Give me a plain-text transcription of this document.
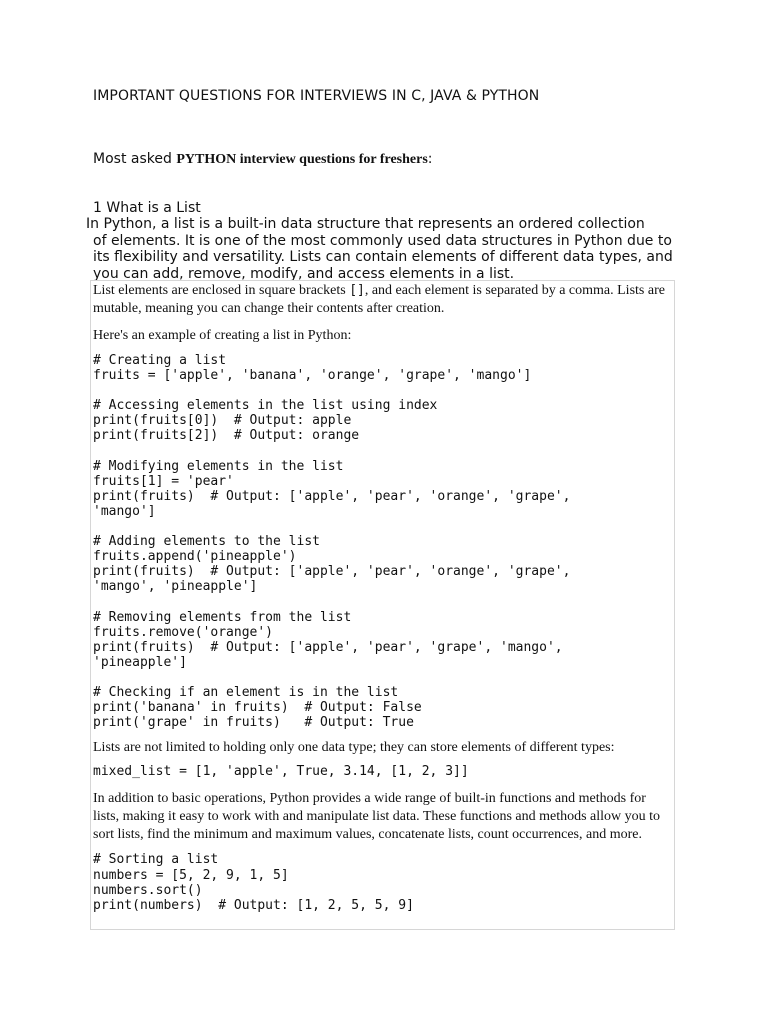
IMPORTANT QUESTIONS FOR INTERVIEWS IN C, JAVA & PYTHON
Most asked PYTHON interview questions for freshers:
1 What is a List
In Python, a list is a built-in data structure that represents an ordered collection
of elements. It is one of the most commonly used data structures in Python due to its flexibility and versatility. Lists can contain elements of different data types, and you can add, remove, modify, and access elements in a list.

List elements are enclosed in square brackets [], and each element is separated by a comma. Lists are mutable, meaning you can change their contents after creation.

Here's an example of creating a list in Python:

# Creating a list
fruits = ['apple', 'banana', 'orange', 'grape', 'mango']
# Accessing elements in the list using index
print(fruits[0])  # Output: apple
print(fruits[2])  # Output: orange
# Modifying elements in the list
fruits[1] = 'pear'
print(fruits)  # Output: ['apple', 'pear', 'orange', 'grape',
'mango']
# Adding elements to the list
fruits.append('pineapple')
print(fruits)  # Output: ['apple', 'pear', 'orange', 'grape',
'mango', 'pineapple']
# Removing elements from the list
fruits.remove('orange')
print(fruits)  # Output: ['apple', 'pear', 'grape', 'mango',
'pineapple']
# Checking if an element is in the list
print('banana' in fruits)  # Output: False
print('grape' in fruits)   # Output: True

Lists are not limited to holding only one data type; they can store elements of different types:

mixed_list = [1, 'apple', True, 3.14, [1, 2, 3]]

In addition to basic operations, Python provides a wide range of built-in functions and methods for lists, making it easy to work with and manipulate list data. These functions and methods allow you to sort lists, find the minimum and maximum values, concatenate lists, count occurrences, and more.

# Sorting a list
numbers = [5, 2, 9, 1, 5]
numbers.sort()
print(numbers)  # Output: [1, 2, 5, 5, 9]
